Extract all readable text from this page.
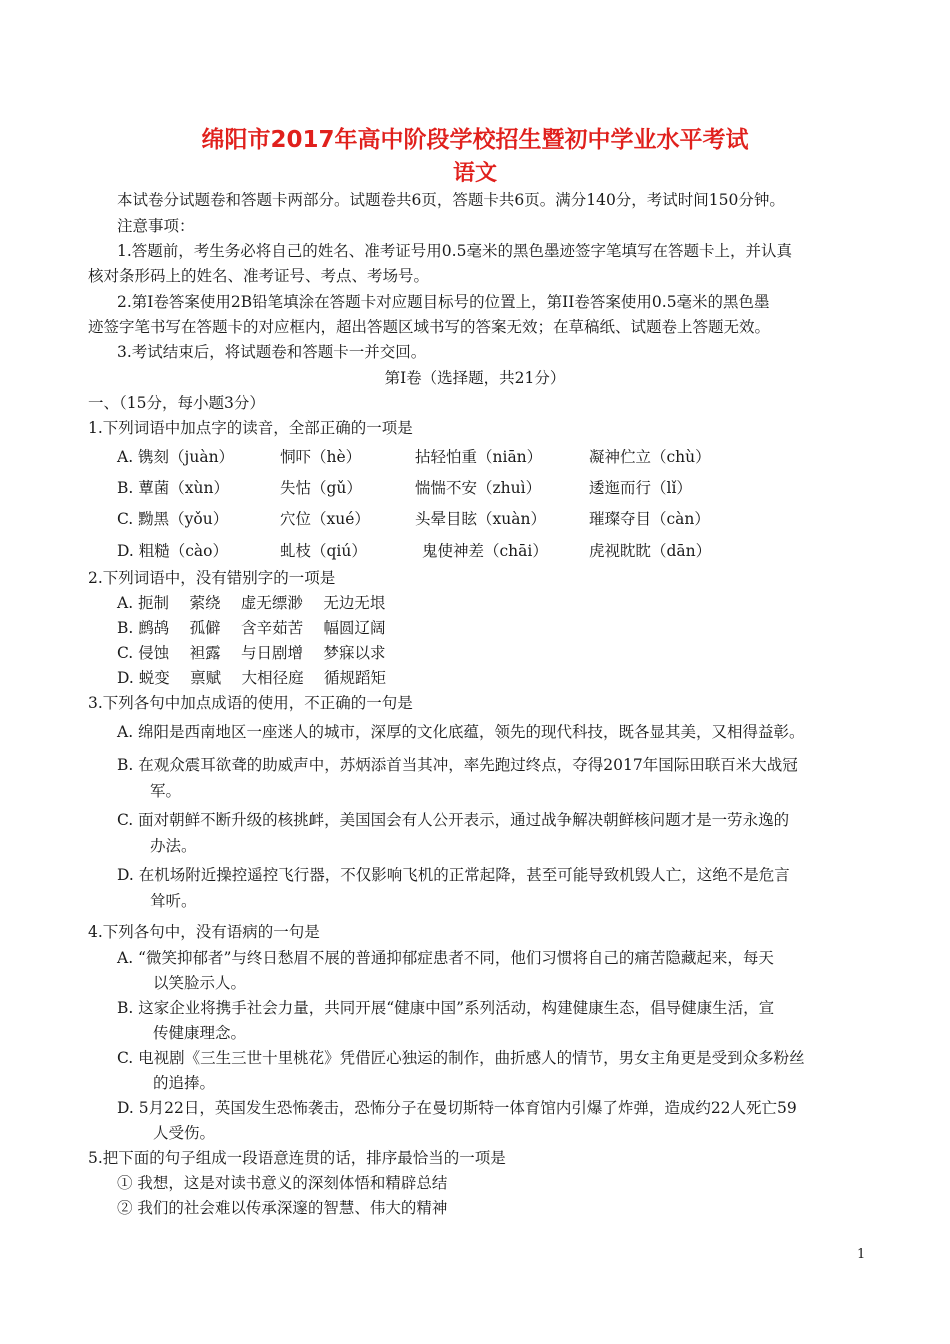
绵阳市2017年高中阶段学校招生暨初中学业水平考试
语文
本试卷分试题卷和答题卡两部分。试题卷共6页，答题卡共6页。满分140分，考试时间150分钟。
注意事项：
1.答题前，考生务必将自己的姓名、准考证号用0.5毫米的黑色墨迹签字笔填写在答题卡上，并认真
核对条形码上的姓名、准考证号、考点、考场号。
2.第I卷答案使用2B铅笔填涂在答题卡对应题目标号的位置上，第II卷答案使用0.5毫米的黑色墨
迹签字笔书写在答题卡的对应框内，超出答题区域书写的答案无效；在草稿纸、试题卷上答题无效。
3.考试结束后，将试题卷和答题卡一并交回。
第I卷（选择题，共21分）
一、（15分，每小题3分）
1.下列词语中加点字的读音，全部正确的一项是
A. 镌刻（juàn）	恫吓（hè）	拈轻怕重（niān）	凝神伫立（chù）
B. 蕈菌（xùn）	失怙（gǔ）	惴惴不安（zhuì）	逶迤而行（lǐ）
C. 黝黑（yǒu）	穴位（xué）	头晕目眩（xuàn）	璀璨夺目（càn）
D. 粗糙（cào）	虬枝（qiú）	鬼使神差（chāi）	虎视眈眈（dān）
2.下列词语中，没有错别字的一项是
A. 扼制　 萦绕　 虚无缥渺　 无边无垠
B. 鹧鸪　 孤僻　 含辛茹苦　 幅圆辽阔
C. 侵蚀　 袒露　 与日剧增　 梦寐以求
D. 蜕变　 禀赋　 大相径庭　 循规蹈矩
3.下列各句中加点成语的使用，不正确的一句是
A. 绵阳是西南地区一座迷人的城市，深厚的文化底蕴，领先的现代科技，既各显其美，又相得益彰。
B. 在观众震耳欲聋的助威声中，苏炳添首当其冲，率先跑过终点，夺得2017年国际田联百米大战冠
军。
C. 面对朝鲜不断升级的核挑衅，美国国会有人公开表示，通过战争解决朝鲜核问题才是一劳永逸的
办法。
D. 在机场附近操控遥控飞行器，不仅影响飞机的正常起降，甚至可能导致机毁人亡，这绝不是危言
耸听。
4.下列各句中，没有语病的一句是
A. “微笑抑郁者”与终日愁眉不展的普通抑郁症患者不同，他们习惯将自己的痛苦隐藏起来，每天
以笑脸示人。
B. 这家企业将携手社会力量，共同开展“健康中国”系列活动，构建健康生态，倡导健康生活，宣
传健康理念。
C. 电视剧《三生三世十里桃花》凭借匠心独运的制作，曲折感人的情节，男女主角更是受到众多粉丝
的追捧。
D. 5月22日，英国发生恐怖袭击，恐怖分子在曼切斯特一体育馆内引爆了炸弹，造成约22人死亡59
人受伤。
5.把下面的句子组成一段语意连贯的话，排序最恰当的一项是
① 我想，这是对读书意义的深刻体悟和精辟总结
② 我们的社会难以传承深邃的智慧、伟大的精神
1
